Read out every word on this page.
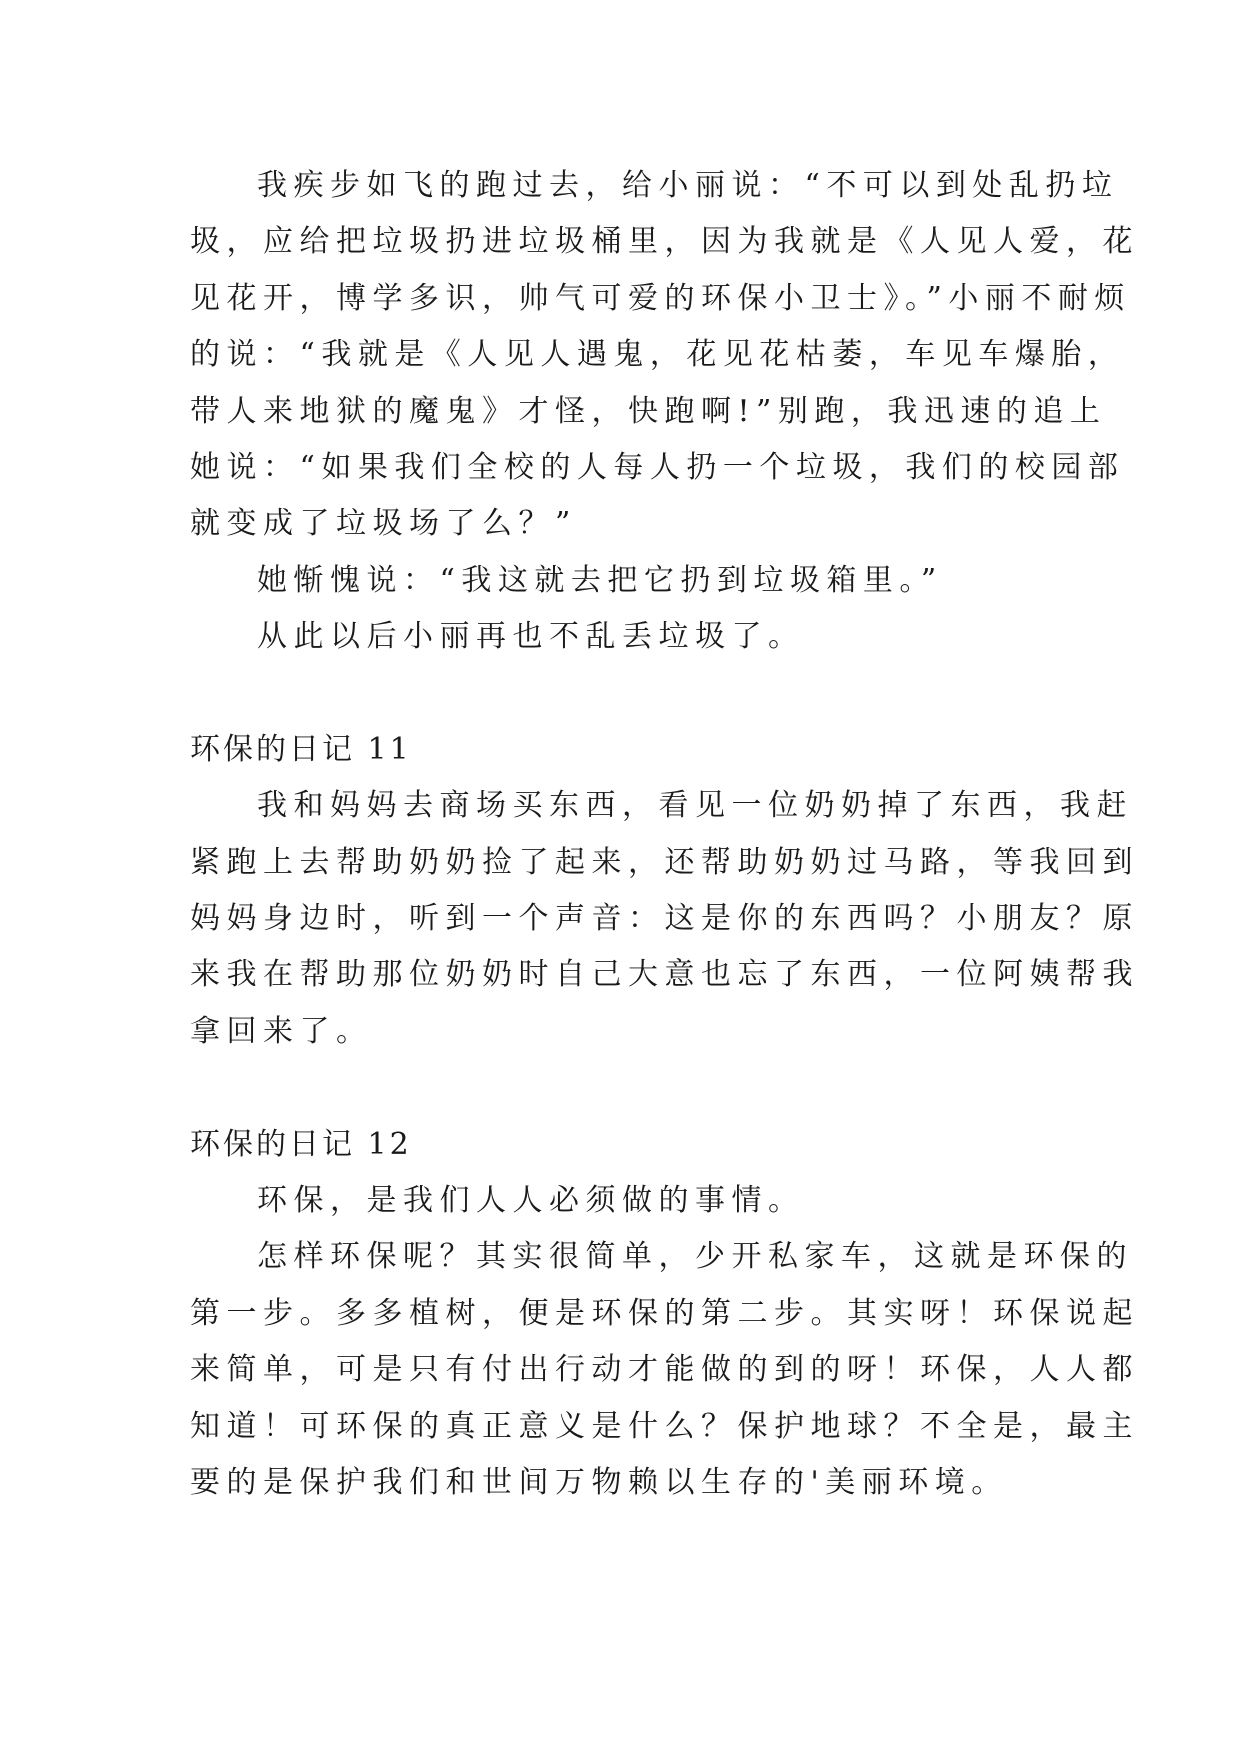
我疾步如飞的跑过去，给小丽说：“不可以到处乱扔垃
圾，应给把垃圾扔进垃圾桶里，因为我就是《人见人爱，花
见花开，博学多识，帅气可爱的环保小卫士》。”小丽不耐烦
的说：“我就是《人见人遇鬼，花见花枯萎，车见车爆胎，
带人来地狱的魔鬼》才怪，快跑啊!”别跑，我迅速的追上
她说：“如果我们全校的人每人扔一个垃圾，我们的校园部
就变成了垃圾场了么？”
她惭愧说：“我这就去把它扔到垃圾箱里。”
从此以后小丽再也不乱丢垃圾了。
环保的日记 11
我和妈妈去商场买东西，看见一位奶奶掉了东西，我赶
紧跑上去帮助奶奶捡了起来，还帮助奶奶过马路，等我回到
妈妈身边时，听到一个声音：这是你的东西吗？小朋友？原
来我在帮助那位奶奶时自己大意也忘了东西，一位阿姨帮我
拿回来了。
环保的日记 12
环保，是我们人人必须做的事情。
怎样环保呢？其实很简单，少开私家车，这就是环保的
第一步。多多植树，便是环保的第二步。其实呀！环保说起
来简单，可是只有付出行动才能做的到的呀！环保，人人都
知道！可环保的真正意义是什么？保护地球？不全是，最主
要的是保护我们和世间万物赖以生存的'美丽环境。
